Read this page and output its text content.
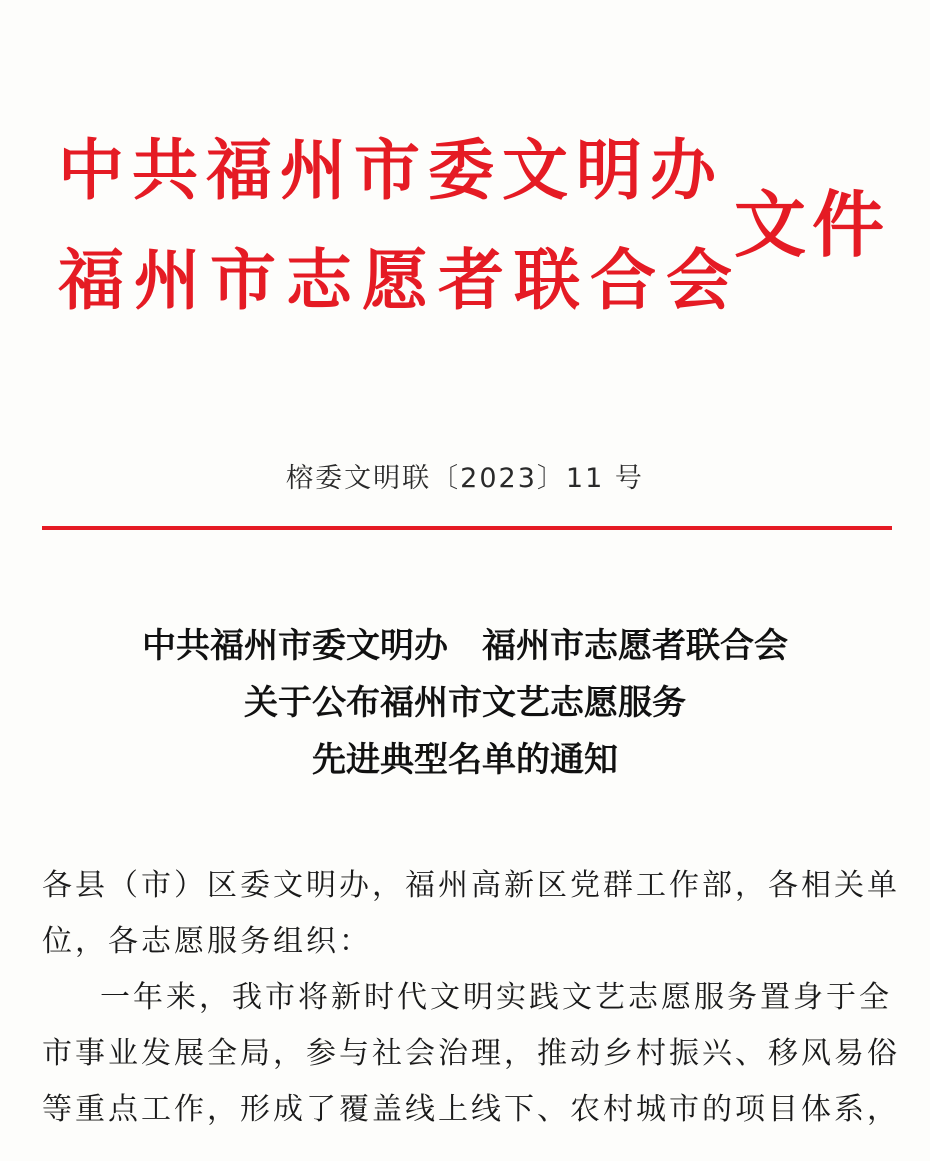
中共福州市委文明办
福州市志愿者联合会
文件
榕委文明联〔2023〕11 号
中共福州市委文明办　福州市志愿者联合会
关于公布福州市文艺志愿服务
先进典型名单的通知
各县（市）区委文明办，福州高新区党群工作部，各相关单
位，各志愿服务组织：
一年来，我市将新时代文明实践文艺志愿服务置身于全
市事业发展全局，参与社会治理，推动乡村振兴、移风易俗
等重点工作，形成了覆盖线上线下、农村城市的项目体系，
